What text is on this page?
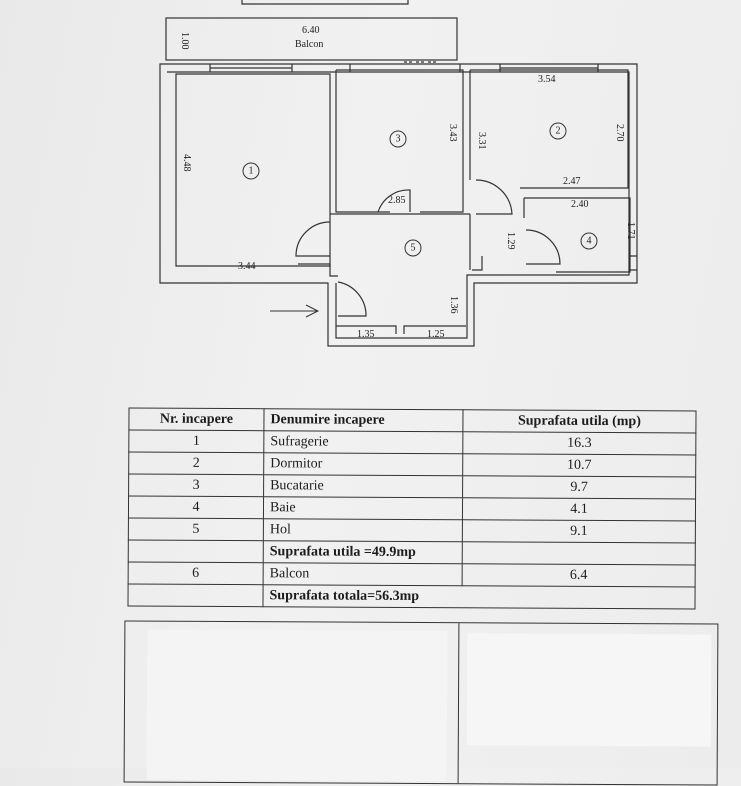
1
2
3
4
5
6.40
Balcon
1.00
4.48
3.44
3.43 3.31
3.54
2.70
2.47
2.40
1.71
2.85
1.29
1.36
1.35	1.25
Nr. incapere	Denumire incapere	Suprafata utila (mp)
1	Sufragerie	16.3
2	Dormitor	10.7
3	Bucatarie	9.7
4	Baie	4.1
5	Hol	9.1
	Suprafata utila =49.9mp	
6	Balcon	6.4
	Suprafata totala=56.3mp	
